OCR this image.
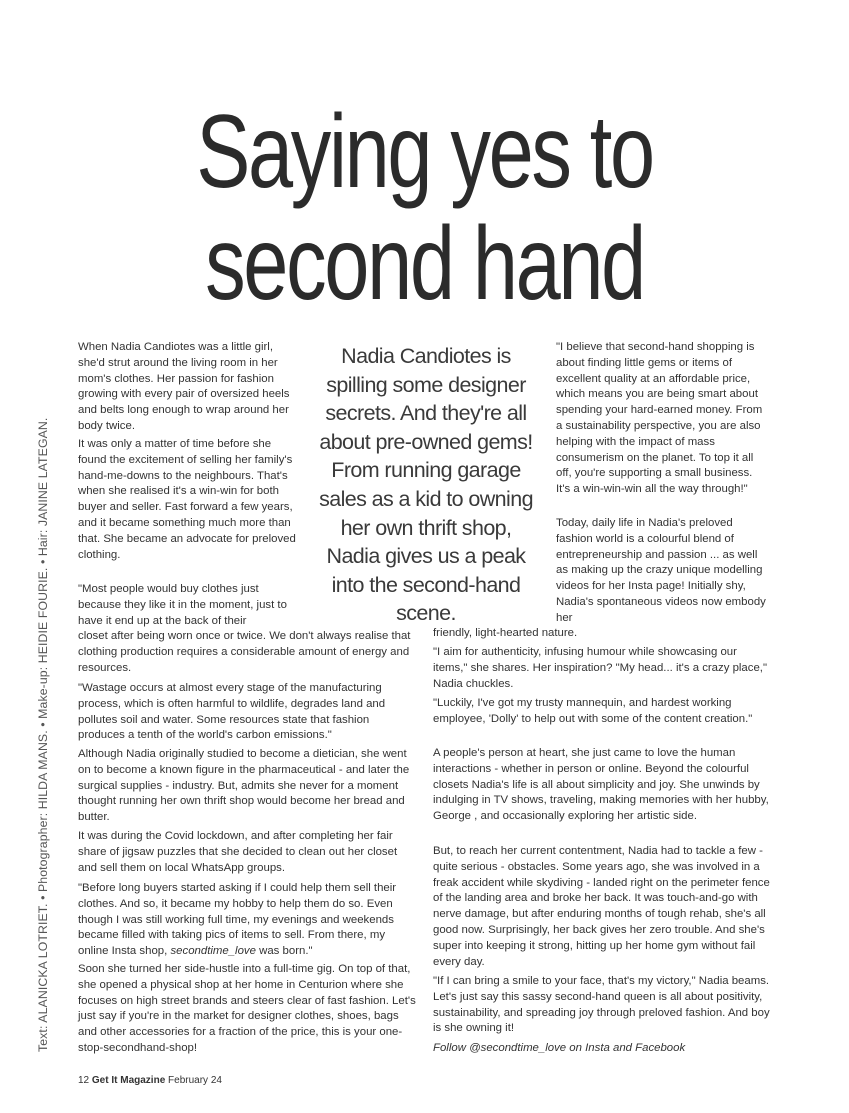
Saying yes to
second hand
Text: ALANICKA LOTRIET. • Photographer: HILDA MANS. • Make-up: HEIDIE FOURIE. • Hair: JANINE LATEGAN.

When Nadia Candiotes was a little girl, she'd strut around the living room in her mom's clothes. Her passion for fashion growing with every pair of oversized heels and belts long enough to wrap around her body twice.

It was only a matter of time before she found the excitement of selling her family's hand-me-downs to the neighbours. That's when she realised it's a win-win for both buyer and seller. Fast forward a few years, and it became something much more than that. She became an advocate for preloved clothing.

"Most people would buy clothes just because they like it in the moment, just to have it end up at the back of their

closet after being worn once or twice. We don't always realise that clothing production requires a considerable amount of energy and resources.

"Wastage occurs at almost every stage of the manufacturing process, which is often harmful to wildlife, degrades land and pollutes soil and water. Some resources state that fashion produces a tenth of the world's carbon emissions."

Although Nadia originally studied to become a dietician, she went on to become a known figure in the pharmaceutical - and later the surgical supplies - industry. But, admits she never for a moment thought running her own thrift shop would become her bread and butter.

It was during the Covid lockdown, and after completing her fair share of jigsaw puzzles that she decided to clean out her closet and sell them on local WhatsApp groups.

"Before long buyers started asking if I could help them sell their clothes. And so, it became my hobby to help them do so. Even though I was still working full time, my evenings and weekends became filled with taking pics of items to sell. From there, my online Insta shop, secondtime_love was born."

Soon she turned her side-hustle into a full-time gig. On top of that, she opened a physical shop at her home in Centurion where she focuses on high street brands and steers clear of fast fashion. Let's just say if you're in the market for designer clothes, shoes, bags and other accessories for a fraction of the price, this is your one-stop-secondhand-shop!

Nadia Candiotes is spilling some designer secrets. And they're all about pre-owned gems! From running garage sales as a kid to owning her own thrift shop, Nadia gives us a peak into the second-hand scene.

"I believe that second-hand shopping is about finding little gems or items of excellent quality at an affordable price, which means you are being smart about spending your hard-earned money. From a sustainability perspective, you are also helping with the impact of mass consumerism on the planet. To top it all off, you're supporting a small business. It's a win-win-win all the way through!"

Today, daily life in Nadia's preloved fashion world is a colourful blend of entrepreneurship and passion ... as well as making up the crazy unique modelling videos for her Insta page! Initially shy, Nadia's spontaneous videos now embody her

friendly, light-hearted nature.

"I aim for authenticity, infusing humour while showcasing our items," she shares. Her inspiration? "My head... it's a crazy place," Nadia chuckles.

"Luckily, I've got my trusty mannequin, and hardest working employee, 'Dolly' to help out with some of the content creation."

A people's person at heart, she just came to love the human interactions - whether in person or online. Beyond the colourful closets Nadia's life is all about simplicity and joy. She unwinds by indulging in TV shows, traveling, making memories with her hubby, George , and occasionally exploring her artistic side.

But, to reach her current contentment, Nadia had to tackle a few - quite serious - obstacles. Some years ago, she was involved in a freak accident while skydiving - landed right on the perimeter fence of the landing area and broke her back. It was touch-and-go with nerve damage, but after enduring months of tough rehab, she's all good now. Surprisingly, her back gives her zero trouble. And she's super into keeping it strong, hitting up her home gym without fail every day.

"If I can bring a smile to your face, that's my victory," Nadia beams. Let's just say this sassy second-hand queen is all about positivity, sustainability, and spreading joy through preloved fashion. And boy is she owning it!

Follow @secondtime_love on Insta and Facebook

12 Get It Magazine February 24
